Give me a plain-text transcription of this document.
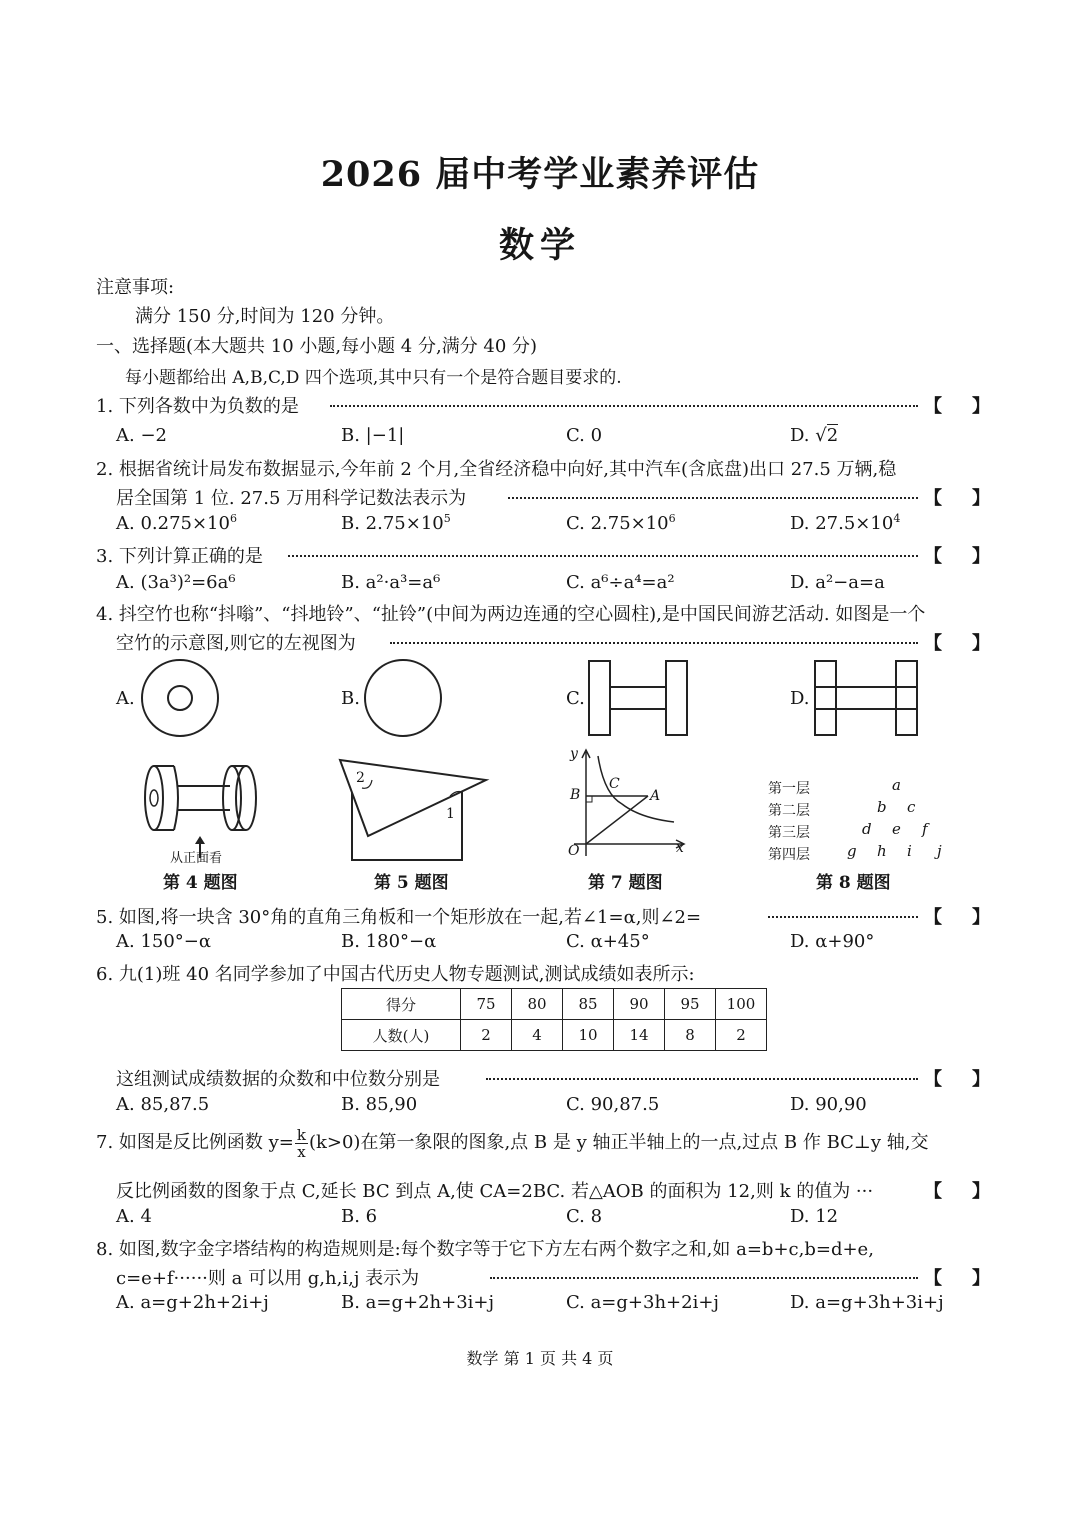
2026 届中考学业素养评估
数学
注意事项:
满分 150 分,时间为 120 分钟。
一、选择题(本大题共 10 小题,每小题 4 分,满分 40 分)
每小题都给出 A,B,C,D 四个选项,其中只有一个是符合题目要求的.
1. 下列各数中为负数的是	【 】
A. −2	B. |−1|	C. 0	D. √2
2. 根据省统计局发布数据显示,今年前 2 个月,全省经济稳中向好,其中汽车(含底盘)出口 27.5 万辆,稳
居全国第 1 位. 27.5 万用科学记数法表示为	【 】
A. $0.275\times 10^6$	B. $2.75\times 10^5$	C. $2.75\times 10^6$	D. $27.5\times 10^4$
3. 下列计算正确的是	【 】
A. (3a³)²=6a⁶	B. a²·a³=a⁶	C. a⁶÷a⁴=a²	D. a²−a=a
4. 抖空竹也称“抖嗡”、“抖地铃”、“扯铃”(中间为两边连通的空心圆柱),是中国民间游艺活动. 如图是一个
空竹的示意图,则它的左视图为	【 】
A.	B.	C.	D.
从正面看
第 4 题图
2
1
第 5 题图
y
x
O
B
C
A
第 7 题图
第一层	a
第二层	b c
第三层	d e f
第四层 g h i j
第 8 题图
5. 如图,将一块含 30°角的直角三角板和一个矩形放在一起,若∠1=α,则∠2=	【 】
A. 150°−α	B. 180°−α	C. α+45°	D. α+90°
6. 九(1)班 40 名同学参加了中国古代历史人物专题测试,测试成绩如表所示:
得分	75	80	85	90	95	100
人数(人)	2	4	10	14	8	2
这组测试成绩数据的众数和中位数分别是	【 】
A. 85,87.5	B. 85,90	C. 90,87.5	D. 90,90
7. 如图是反比例函数 $y= \frac{k}{x} (k>0)$在第一象限的图象,点 B 是 y 轴正半轴上的一点,过点 B 作 BC⊥y 轴,交
反比例函数的图象于点 C,延长 BC 到点 A,使 CA=2BC. 若△AOB 的面积为 12,则 k 的值为 ···	【 】
A. 4	B. 6	C. 8	D. 12
8. 如图,数字金字塔结构的构造规则是:每个数字等于它下方左右两个数字之和,如 a=b+c,b=d+e,
c=e+f······则 a 可以用 g,h,i,j 表示为	【 】
A. a=g+2h+2i+j	B. a=g+2h+3i+j	C. a=g+3h+2i+j	D. a=g+3h+3i+j
数学 第 1 页 共 4 页
